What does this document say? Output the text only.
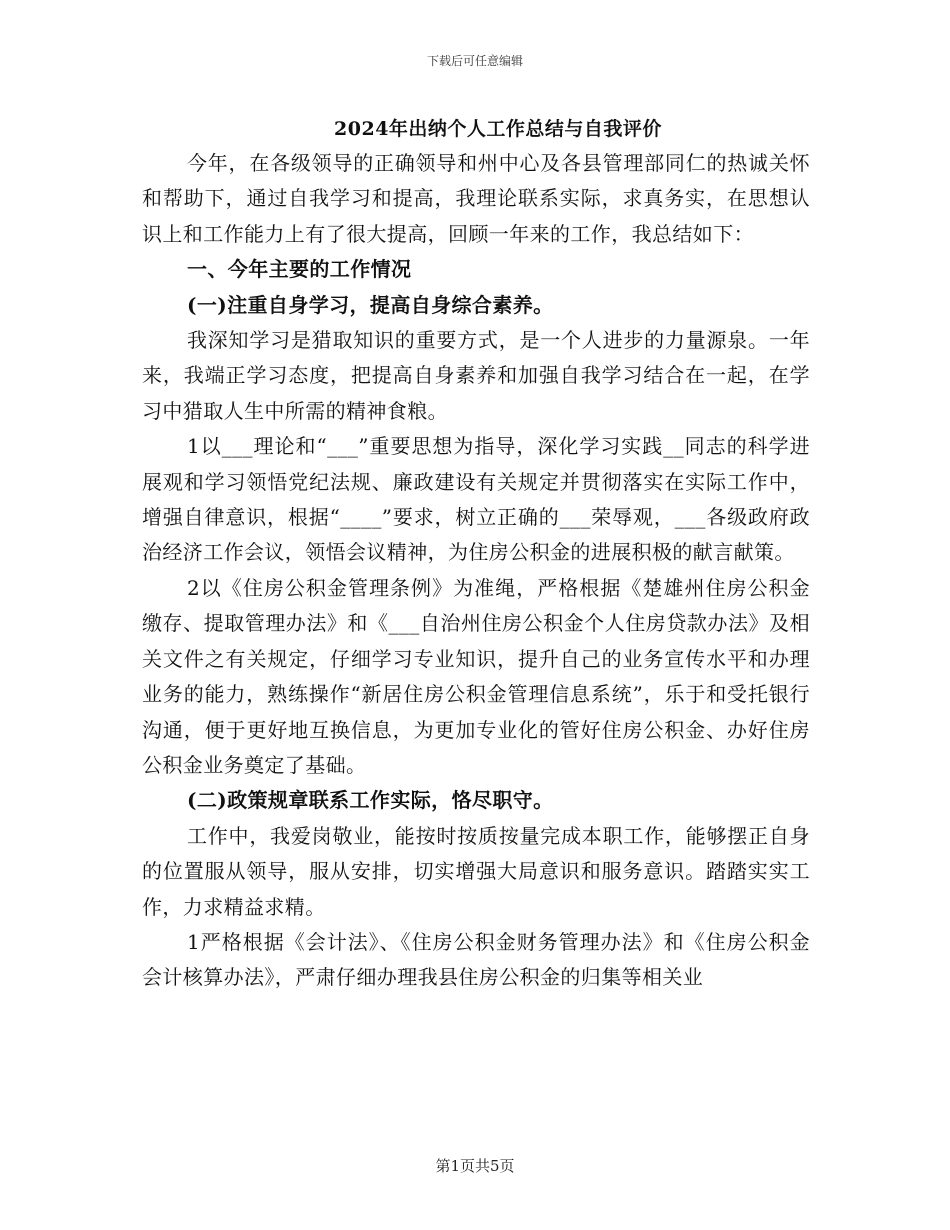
下载后可任意编辑
2024年出纳个人工作总结与自我评价

今年，在各级领导的正确领导和州中心及各县管理部同仁的热诚关怀和帮助下，通过自我学习和提高，我理论联系实际，求真务实，在思想认识上和工作能力上有了很大提高，回顾一年来的工作，我总结如下：

一、今年主要的工作情况

(一)注重自身学习，提高自身综合素养。

我深知学习是猎取知识的重要方式，是一个人进步的力量源泉。一年来，我端正学习态度，把提高自身素养和加强自我学习结合在一起，在学习中猎取人生中所需的精神食粮。

1以___理论和“___”重要思想为指导，深化学习实践__同志的科学进展观和学习领悟党纪法规、廉政建设有关规定并贯彻落实在实际工作中，增强自律意识，根据“____”要求，树立正确的___荣辱观，___各级政府政治经济工作会议，领悟会议精神，为住房公积金的进展积极的献言献策。

2以《住房公积金管理条例》为准绳，严格根据《楚雄州住房公积金缴存、提取管理办法》和《___自治州住房公积金个人住房贷款办法》及相关文件之有关规定，仔细学习专业知识，提升自己的业务宣传水平和办理业务的能力，熟练操作“新居住房公积金管理信息系统”，乐于和受托银行沟通，便于更好地互换信息，为更加专业化的管好住房公积金、办好住房公积金业务奠定了基础。

(二)政策规章联系工作实际，恪尽职守。

工作中，我爱岗敬业，能按时按质按量完成本职工作，能够摆正自身的位置服从领导，服从安排，切实增强大局意识和服务意识。踏踏实实工作，力求精益求精。

1严格根据《会计法》、《住房公积金财务管理办法》和《住房公积金会计核算办法》，严肃仔细办理我县住房公积金的归集等相关业

第1页共5页
